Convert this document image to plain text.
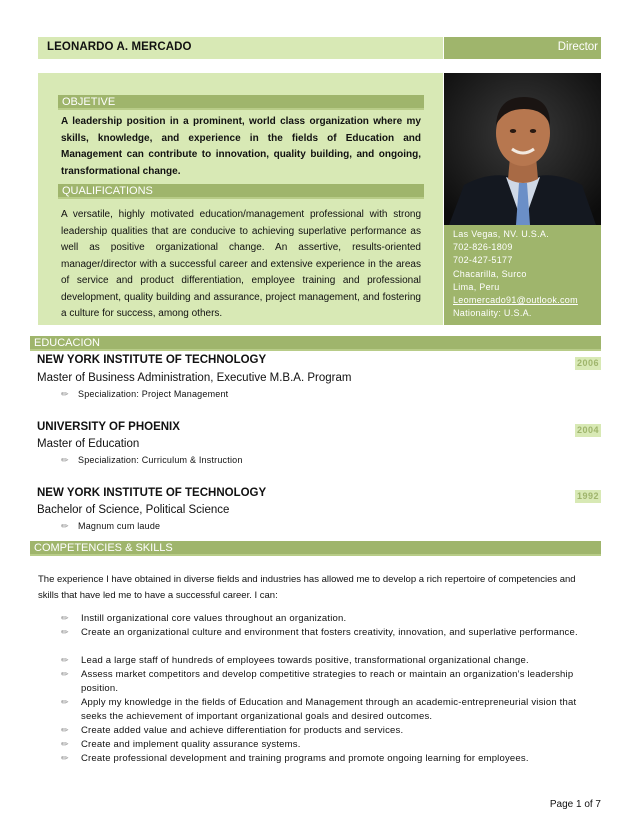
LEONARDO A. MERCADO	Director
OBJETIVE
A leadership position in a prominent, world class organization where my skills, knowledge, and experience in the fields of Education and Management can contribute to innovation, quality building, and ongoing, transformational change.
QUALIFICATIONS
A versatile, highly motivated education/management professional with strong leadership qualities that are conducive to achieving superlative performance as well as positive organizational change. An assertive, results-oriented manager/director with a successful career and extensive experience in the areas of service and product differentiation, employee training and professional development, quality building and assurance, project management, and fostering a culture for success, among others.
Las Vegas, NV. U.S.A.
702-826-1809
702-427-5177
Chacarilla, Surco
Lima, Peru
Leomercado91@outlook.com
Nationality: U.S.A.
EDUCACION
NEW YORK INSTITUTE OF TECHNOLOGY	2006
Master of Business Administration, Executive M.B.A. Program
✏ Specialization: Project Management
UNIVERSITY OF PHOENIX	2004
Master of Education
✏ Specialization: Curriculum & Instruction
NEW YORK INSTITUTE OF TECHNOLOGY	1992
Bachelor of Science, Political Science
✏ Magnum cum laude
COMPETENCIES & SKILLS
The experience I have obtained in diverse fields and industries has allowed me to develop a rich repertoire of competencies and skills that have led me to have a successful career. I can:
✏ Instill organizational core values throughout an organization.
✏ Create an organizational culture and environment that fosters creativity, innovation, and superlative performance.
✏ Lead a large staff of hundreds of employees towards positive, transformational organizational change.
✏ Assess market competitors and develop competitive strategies to reach or maintain an organization’s leadership position.
✏ Apply my knowledge in the fields of Education and Management through an academic-entrepreneurial vision that seeks the achievement of important organizational goals and desired outcomes.
✏ Create added value and achieve differentiation for products and services.
✏ Create and implement quality assurance systems.
✏ Create professional development and training programs and promote ongoing learning for employees.
Page 1 of 7
